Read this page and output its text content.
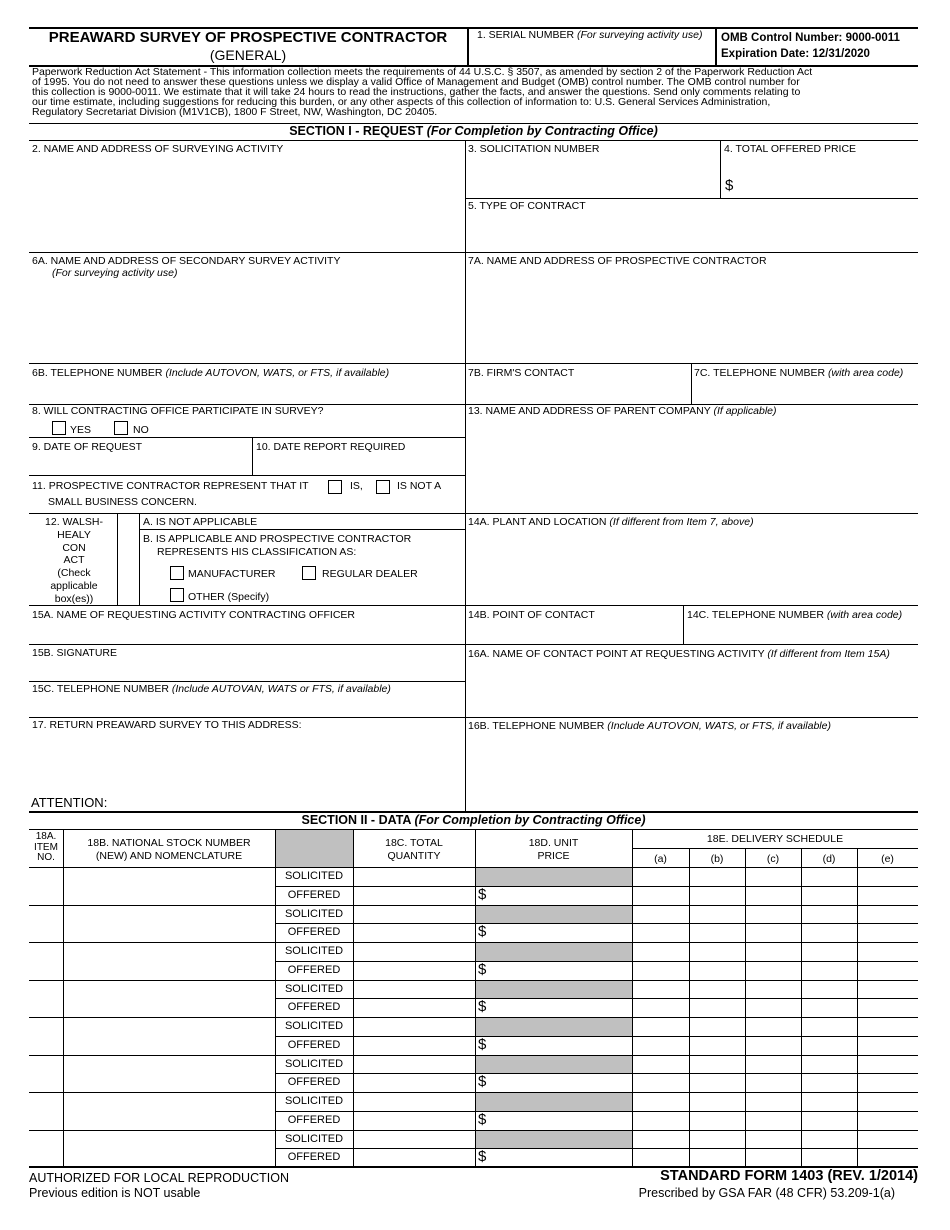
PREAWARD SURVEY OF PROSPECTIVE CONTRACTOR
(GENERAL)
1. SERIAL NUMBER (For surveying activity use) OMB Control Number: 9000-0011
Expiration Date: 12/31/2020
Paperwork Reduction Act Statement - This information collection meets the requirements of 44 U.S.C. § 3507, as amended by section 2 of the Paperwork Reduction Act
of 1995. You do not need to answer these questions unless we display a valid Office of Management and Budget (OMB) control number. The OMB control number for
this collection is 9000-0011. We estimate that it will take 24 hours to read the instructions, gather the facts, and answer the questions. Send only comments relating to
our time estimate, including suggestions for reducing this burden, or any other aspects of this collection of information to: U.S. General Services Administration,
Regulatory Secretariat Division (M1V1CB), 1800 F Street, NW, Washington, DC 20405.
SECTION I - REQUEST (For Completion by Contracting Office)
2. NAME AND ADDRESS OF SURVEYING ACTIVITY	3. SOLICITATION NUMBER	4. TOTAL OFFERED PRICE
$
5. TYPE OF CONTRACT
6A. NAME AND ADDRESS OF SECONDARY SURVEY ACTIVITY
(For surveying activity use)
7A. NAME AND ADDRESS OF PROSPECTIVE CONTRACTOR
6B. TELEPHONE NUMBER (Include AUTOVON, WATS, or FTS, if available)	7B. FIRM'S CONTACT	7C. TELEPHONE NUMBER (with area code)
8. WILL CONTRACTING OFFICE PARTICIPATE IN SURVEY?
YES	NO
13. NAME AND ADDRESS OF PARENT COMPANY (If applicable)
9. DATE OF REQUEST	10. DATE REPORT REQUIRED
11. PROSPECTIVE CONTRACTOR REPRESENT THAT IT	IS,	IS NOT A
SMALL BUSINESS CONCERN.
12. WALSH-
HEALY
CON
ACT
(Check
applicable
box(es))
A. IS NOT APPLICABLE
B. IS APPLICABLE AND PROSPECTIVE CONTRACTOR
REPRESENTS HIS CLASSIFICATION AS:
MANUFACTURER	REGULAR DEALER
OTHER (Specify)
14A. PLANT AND LOCATION (If different from Item 7, above)
15A. NAME OF REQUESTING ACTIVITY CONTRACTING OFFICER	14B. POINT OF CONTACT	14C. TELEPHONE NUMBER (with area code)
15B. SIGNATURE	16A. NAME OF CONTACT POINT AT REQUESTING ACTIVITY (If different from Item 15A)
15C. TELEPHONE NUMBER (Include AUTOVAN, WATS or FTS, if available)
17. RETURN PREAWARD SURVEY TO THIS ADDRESS:	16B. TELEPHONE NUMBER (Include AUTOVON, WATS, or FTS, if available)
ATTENTION:
SECTION II - DATA (For Completion by Contracting Office)
18A.
ITEM
NO.
18B. NATIONAL STOCK NUMBER
(NEW) AND NOMENCLATURE
18C. TOTAL
QUANTITY
18D. UNIT
PRICE
18E. DELIVERY SCHEDULE
(a)	(b)	(c)	(d)	(e)
SOLICITED
OFFERED	$
SOLICITED
OFFERED	$
SOLICITED
OFFERED	$
SOLICITED
OFFERED	$
SOLICITED
OFFERED	$
SOLICITED
OFFERED	$
SOLICITED
OFFERED	$
SOLICITED
OFFERED	$
AUTHORIZED FOR LOCAL REPRODUCTION
Previous edition is NOT usable
STANDARD FORM 1403 (REV. 1/2014)
Prescribed by GSA FAR (48 CFR) 53.209-1(a)
